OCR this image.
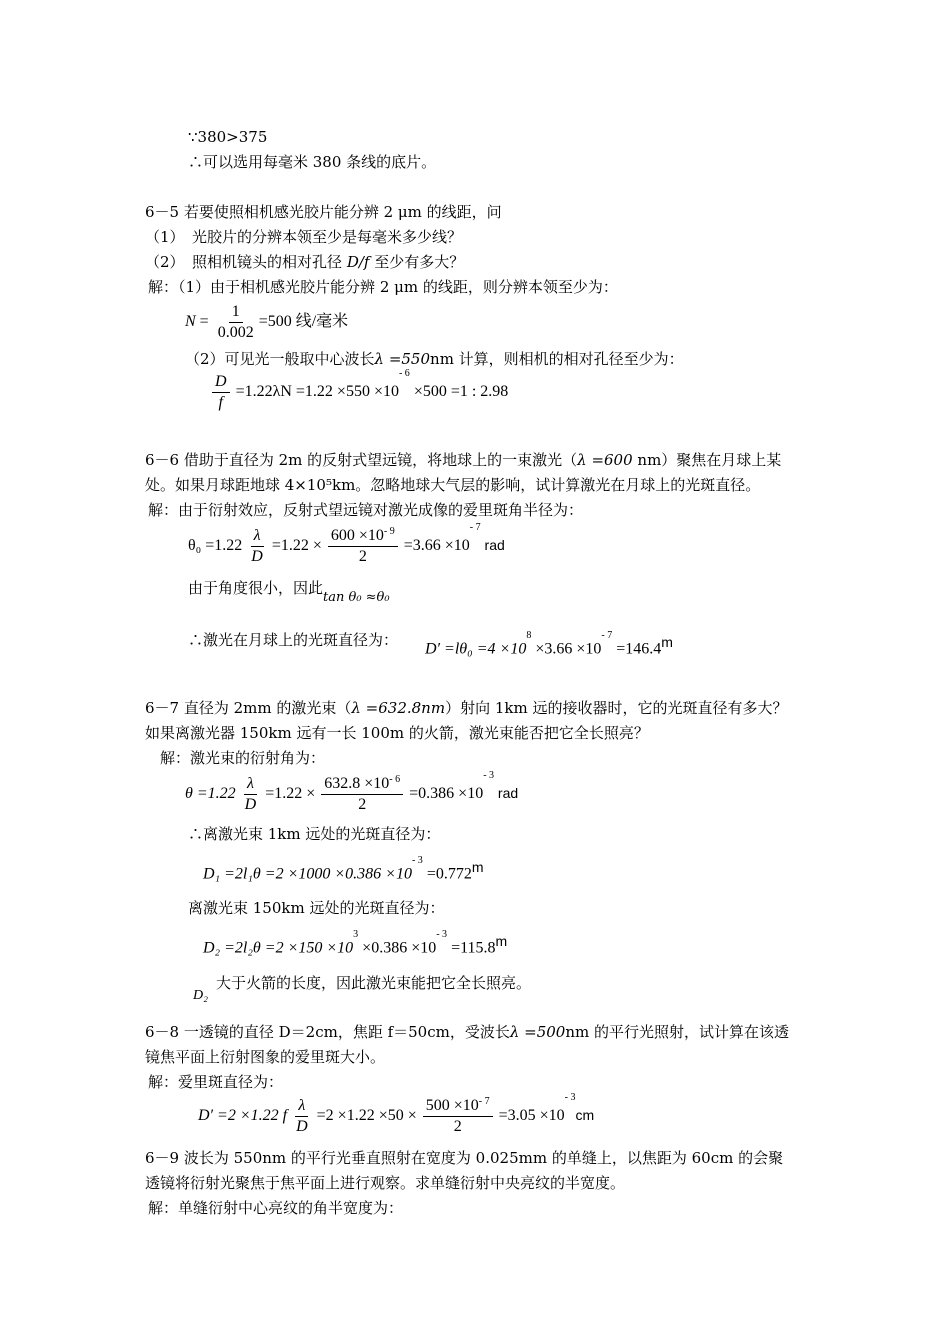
∵380>375
∴可以选用每毫米 380 条线的底片。
6－5 若要使照相机感光胶片能分辨 2 μm 的线距，问
（1）　光胶片的分辨本领至少是每毫米多少线？
（2）　照相机镜头的相对孔径 D/f 至少有多大？
解：（1）由于相机感光胶片能分辨 2 μm 的线距，则分辨本领至少为：
$N = \frac{1}{0.002} =500$ 线/毫米
（2）可见光一般取中心波长λ =550nm 计算，则相机的相对孔径至少为：
$\frac{D}{f} =1.22\lambda N =1.22 \times 550 \times 10^{- 6} \times 500 =1$ : 2.98
6－6 借助于直径为 2m 的反射式望远镜，将地球上的一束激光（λ =600 nm）聚焦在月球上某
处。如果月球距地球 4×10⁵km。忽略地球大气层的影响，试计算激光在月球上的光斑直径。
解：由于衍射效应，反射式望远镜对激光成像的爱里斑角半径为：
$\theta_0 =1.22 \frac{\lambda}{D} =1.22 \times \frac{600 \times 10^{- 9}}{2} =3.66 \times 10^{- 7}$ rad
由于角度很小，因此tan θ₀ ≈θ₀
∴激光在月球上的光斑直径为： $D' =l\theta_0 =4 \times 10^8 \times 3.66 \times 10^{- 7} =146.4^m$
6－7 直径为 2mm 的激光束（λ =632.8nm）射向 1km 远的接收器时，它的光斑直径有多大？
如果离激光器 150km 远有一长 100m 的火箭，激光束能否把它全长照亮？
解：激光束的衍射角为：
$\theta =1.22 \frac{\lambda}{D} =1.22 \times \frac{632.8 \times 10^{- 6}}{2} =0.386 \times 10^{- 3}$ rad
∴离激光束 1km 远处的光斑直径为：
$D_1 =2l_1\theta =2 \times 1000 \times 0.386 \times 10^{- 3} =0.772^m$
离激光束 150km 远处的光斑直径为：
$D_2 =2l_2\theta =2 \times 150 \times 10^3 \times 0.386 \times 10^{- 3} =115.8^m$
D₂
大于火箭的长度，因此激光束能把它全长照亮。
6－8 一透镜的直径 D＝2cm，焦距 f＝50cm，受波长λ =500nm 的平行光照射，试计算在该透
镜焦平面上衍射图象的爱里斑大小。
解：爱里斑直径为：
D′ =2 ×1.22 f $\frac{\lambda}{D} =2 \times 1.22 \times 50 \times \frac{500 \times 10^{- 7}}{2} =3.05 \times 10^{- 3}cm$
6－9 波长为 550nm 的平行光垂直照射在宽度为 0.025mm 的单缝上，以焦距为 60cm 的会聚
透镜将衍射光聚焦于焦平面上进行观察。求单缝衍射中央亮纹的半宽度。
解：单缝衍射中心亮纹的角半宽度为：
